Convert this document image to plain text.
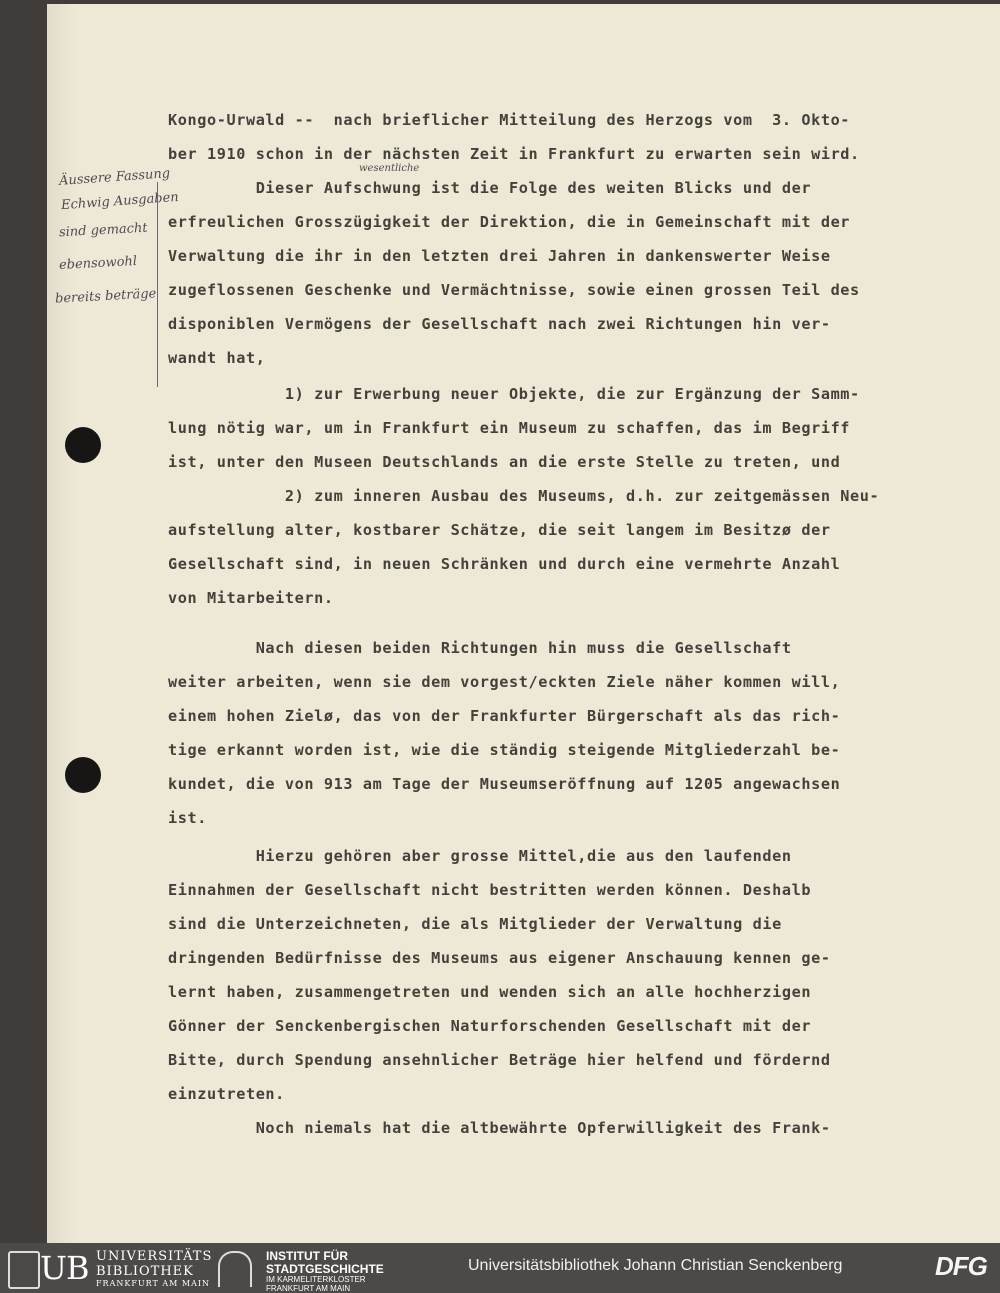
Kongo-Urwald --  nach brieflicher Mitteilung des Herzogs vom  3. Okto-
ber 1910 schon in der nächsten Zeit in Frankfurt zu erwarten sein wird.
Dieser Aufschwung ist die Folge des weiten Blicks und der
erfreulichen Grosszügigkeit der Direktion, die in Gemeinschaft mit der
Verwaltung die ihr in den letzten drei Jahren in dankenswerter Weise
zugeflossenen Geschenke und Vermächtnisse, sowie einen grossen Teil des
disponiblen Vermögens der Gesellschaft nach zwei Richtungen hin ver-
wandt hat,
1) zur Erwerbung neuer Objekte, die zur Ergänzung der Samm-
lung nötig war, um in Frankfurt ein Museum zu schaffen, das im Begriff
ist, unter den Museen Deutschlands an die erste Stelle zu treten, und
2) zum inneren Ausbau des Museums, d.h. zur zeitgemässen Neu-
aufstellung alter, kostbarer Schätze, die seit langem im Besitzø der
Gesellschaft sind, in neuen Schränken und durch eine vermehrte Anzahl
von Mitarbeitern.
Nach diesen beiden Richtungen hin muss die Gesellschaft
weiter arbeiten, wenn sie dem vorgest/eckten Ziele näher kommen will,
einem hohen Zielø, das von der Frankfurter Bürgerschaft als das rich-
tige erkannt worden ist, wie die ständig steigende Mitgliederzahl be-
kundet, die von 913 am Tage der Museumseröffnung auf 1205 angewachsen
ist.
Hierzu gehören aber grosse Mittel,die aus den laufenden
Einnahmen der Gesellschaft nicht bestritten werden können. Deshalb
sind die Unterzeichneten, die als Mitglieder der Verwaltung die
dringenden Bedürfnisse des Museums aus eigener Anschauung kennen ge-
lernt haben, zusammengetreten und wenden sich an alle hochherzigen
Gönner der Senckenbergischen Naturforschenden Gesellschaft mit der
Bitte, durch Spendung ansehnlicher Beträge hier helfend und fördernd
einzutreten.
Noch niemals hat die altbewährte Opferwilligkeit des Frank-
wesentliche
Äussere Fassung
Echwig Ausgaben
sind gemacht
ebensowohl
bereits beträge
UB UNIVERSITÄTS
BIBLIOTHEK
FRANKFURT AM MAIN
INSTITUT FÜR
STADTGESCHICHTE
IM KARMELITERKLOSTER
FRANKFURT AM MAIN
Universitätsbibliothek Johann Christian Senckenberg	DFG
